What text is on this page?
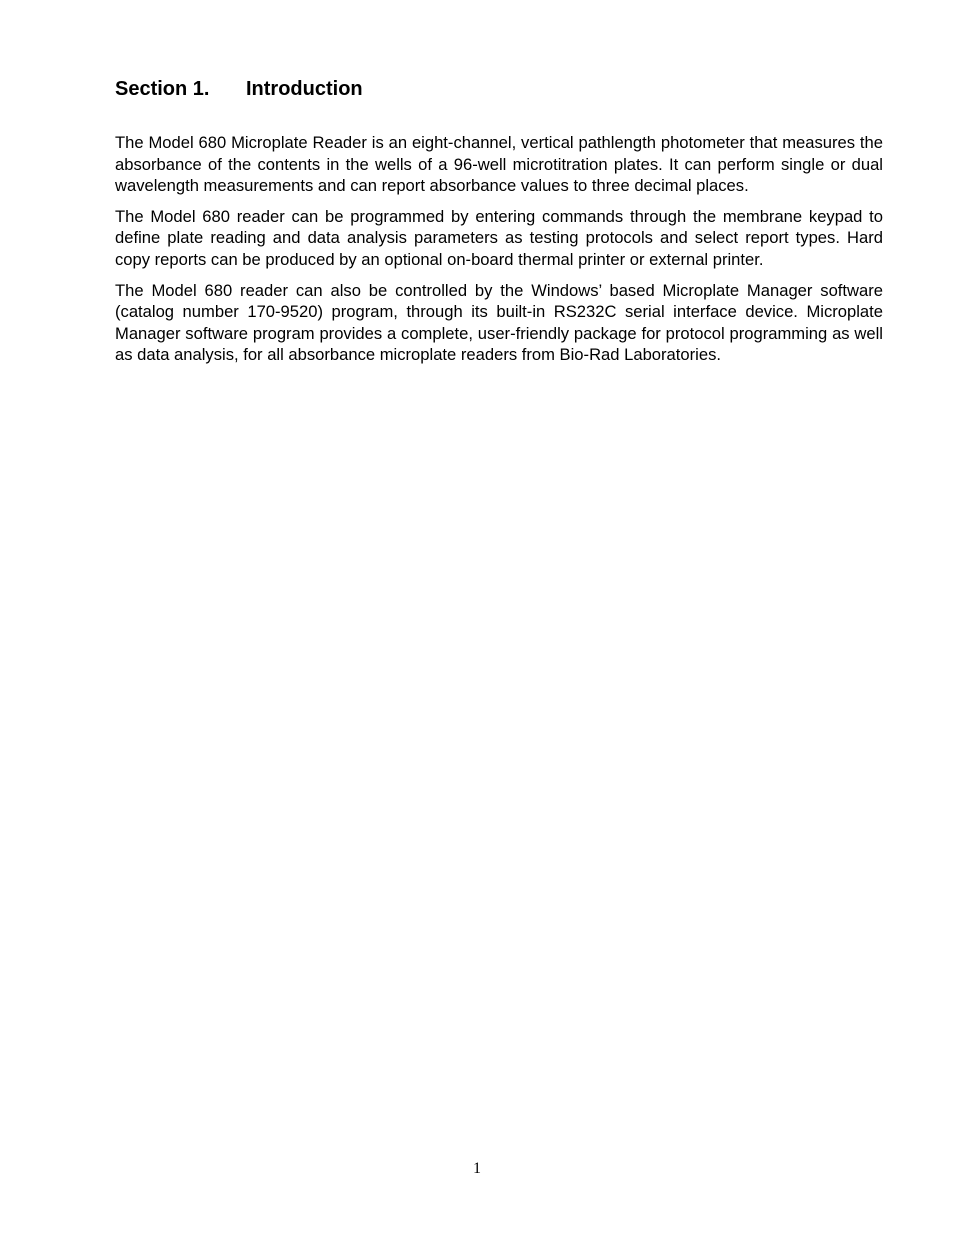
Section 1. Introduction

The Model 680 Microplate Reader is an eight-channel, vertical pathlength photometer that measures the absorbance of the contents in the wells of a 96-well microtitration plates. It can perform single or dual wavelength measurements and can report absorbance values to three decimal places.

The Model 680 reader can be programmed by entering commands through the membrane keypad to define plate reading and data analysis parameters as testing protocols and select report types. Hard copy reports can be produced by an optional on-board thermal printer or external printer.

The Model 680 reader can also be controlled by the Windows’ based Microplate Manager software (catalog number 170-9520) program, through its built-in RS232C serial interface device. Microplate Manager software program provides a complete, user-friendly package for protocol programming as well as data analysis, for all absorbance microplate readers from Bio-Rad Laboratories.

1
